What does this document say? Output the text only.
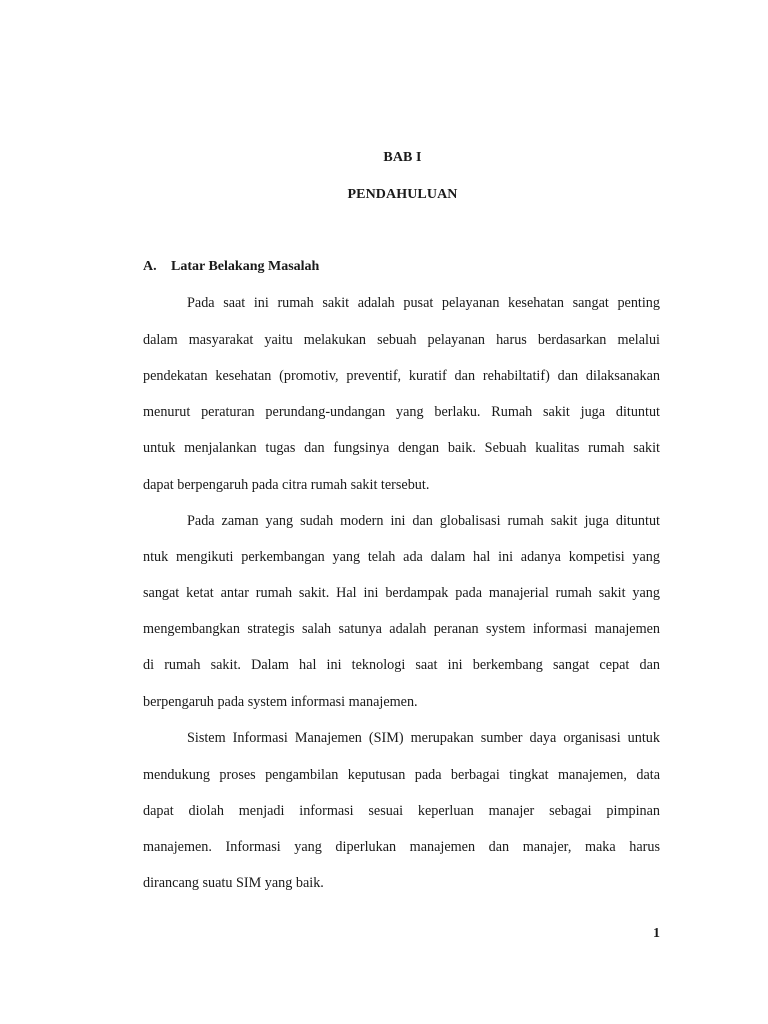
BAB I
PENDAHULUAN
A. Latar Belakang Masalah
Pada saat ini rumah sakit adalah pusat pelayanan kesehatan sangat penting
dalam masyarakat yaitu melakukan sebuah pelayanan harus berdasarkan melalui
pendekatan kesehatan (promotiv, preventif, kuratif dan rehabiltatif) dan dilaksanakan
menurut peraturan perundang-undangan yang berlaku. Rumah sakit juga dituntut
untuk menjalankan tugas dan fungsinya dengan baik. Sebuah kualitas rumah sakit
dapat berpengaruh pada citra rumah sakit tersebut.
Pada zaman yang sudah modern ini dan globalisasi rumah sakit juga dituntut
ntuk mengikuti perkembangan yang telah ada dalam hal ini adanya kompetisi yang
sangat ketat antar rumah sakit. Hal ini berdampak pada manajerial rumah sakit yang
mengembangkan strategis salah satunya adalah peranan system informasi manajemen
di rumah sakit. Dalam hal ini teknologi saat ini berkembang sangat cepat dan
berpengaruh pada system informasi manajemen.
Sistem Informasi Manajemen (SIM) merupakan sumber daya organisasi untuk
mendukung proses pengambilan keputusan pada berbagai tingkat manajemen, data
dapat diolah menjadi informasi sesuai keperluan manajer sebagai pimpinan
manajemen. Informasi yang diperlukan manajemen dan manajer, maka harus
dirancang suatu SIM yang baik.
1
